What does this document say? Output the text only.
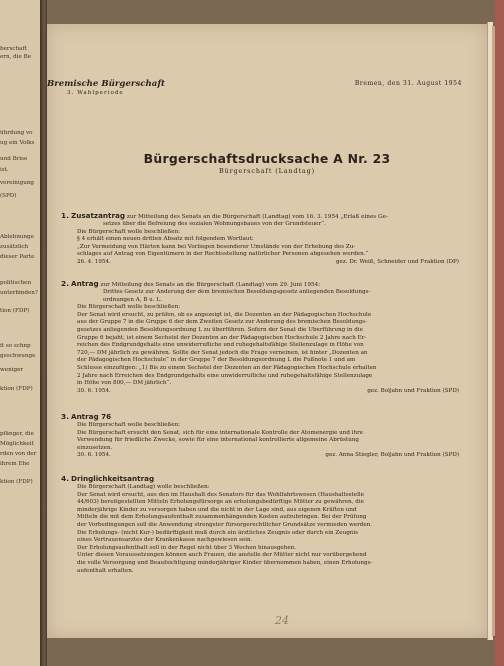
berschaft
ern, die Be
ührdung vo
ug ein Volks
und Brise
ist.
vereinigung
(SPD)
Ablehnunge
zusätzlich
dieser Parte
politischen
unterbinden?
tion (FDP)
it so schnp
geschwunge
weniger
ktion (FDP)
pfänger, die
Möglichkeit
rden von der
ihrem Ehe
ktion (FDP)
Bremische Bürgerschaft
3. Wahlperiode
Bremen, den 31. August 1954
Bürgerschaftsdrucksache A Nr. 23
Bürgerschaft (Landtag)
1. Zusatzantrag zur Mitteilung des Senats an die Bürgerschaft (Landtag) vom 16. 3. 1954 „Erlaß eines Ge-
setzes über die Befreiung des sozialen Wohnungsbaues von der Grundsteuer“.
Die Bürgerschaft wolle beschließen:
§ 4 erhält einen neuen dritten Absatz mit folgendem Wortlaut:
„Zur Vermeidung von Härten kann bei Vorliegen besonderer Umstände von der Erhebung des Zu-
schlages auf Antrag von Eigentümern in der Rechtsstellung natürlicher Personen abgesehen werden.“
26. 4. 1954.	gez. Dr. Weiß, Schneider und Fraktion (DP)
2. Antrag zur Mitteilung des Senats an die Bürgerschaft (Landtag) vom 29. Juni 1954:
Drittes Gesetz zur Änderung der dem bremischen Besoldungsgesetz anliegenden Besoldungs-
ordnungen A, B u. L.
Die Bürgerschaft wolle beschließen:
Der Senat wird ersucht, zu prüfen, ob es angezeigt ist, die Dozenten an der Pädagogischen Hochschule
aus der Gruppe 7 in die Gruppe 6 der dem Zweiten Gesetz zur Änderung des bremischen Besoldungs-
gesetzes anliegenden Besoldungsordnung L zu überführen. Sofern der Senat die Überführung in die
Gruppe 6 bejaht, ist einem Sechstel der Dozenten an der Pädagogischen Hochschule 2 Jahre nach Er-
reichen des Endgrundgehalts eine unwiderrufliche und ruhegehaltsfähige Stellenzulage in Höhe von
720,— DM jährlich zu gewähren. Sollte der Senat jedoch die Frage verneinen, ist hinter „Dozenten an
der Pädagogischen Hochschule“ in der Gruppe 7 der Besoldungsordnung L die Fußnote 1 und am
Schlusse einzufügen: „1) Bis zu einem Sechstel der Dozenten an der Pädagogischen Hochschule erhalten
2 Jahre nach Erreichen des Endgrundgehalts eine unwiderrufliche und ruhegehaltsfähige Stellenzulage
in Höhe von 800,— DM jährlich“.
30. 6. 1954.	gez. Boljahn und Fraktion (SPD)
3. Antrag 76
Die Bürgerschaft wolle beschließen:
Die Bürgerschaft ersucht den Senat, sich für eine internationale Kontrolle der Atomenergie und ihre
Verwendung für friedliche Zwecke, sowie für eine international kontrollierte allgemeine Abrüstung
einzusetzen.
30. 6. 1954.	gez. Anna Stiegler, Boljahn und Fraktion (SPD)
4. Dringlichkeitsantrag
Die Bürgerschaft (Landtag) wolle beschließen:
Der Senat wird ersucht, aus den im Haushalt des Senators für das Wohlfahrtswesen (Haushaltsstelle
44/603) bereitgestellten Mitteln Erholungsfürsorge an erholungsbedürftige Mütter zu gewähren, die
minderjährige Kinder zu versorgen haben und die nicht in der Lage sind, aus eigenen Kräften und
Mitteln die mit dem Erholungsaufenthalt zusammenhängenden Kosten aufzubringen. Bei der Prüfung
der Vorbedingungen soll die Anwendung strengster fürsorgerechtlicher Grundsätze vermieden werden.
Die Erholungs- (nicht Kur-) bedürftigkeit muß durch ein ärztliches Zeugnis oder durch ein Zeugnis
eines Vertrauensarztes der Krankenkasse nachgewiesen sein.
Der Erholungsaufenthalt soll in der Regel nicht über 3 Wochen hinausgehen.
Unter diesen Voraussetzungen können auch Frauen, die anstelle der Mütter nicht nur vorübergehend
die volle Versorgung und Beaufsichtigung minderjähriger Kinder übernommen haben, einen Erholungs-
aufenthalt erhalten.
24
